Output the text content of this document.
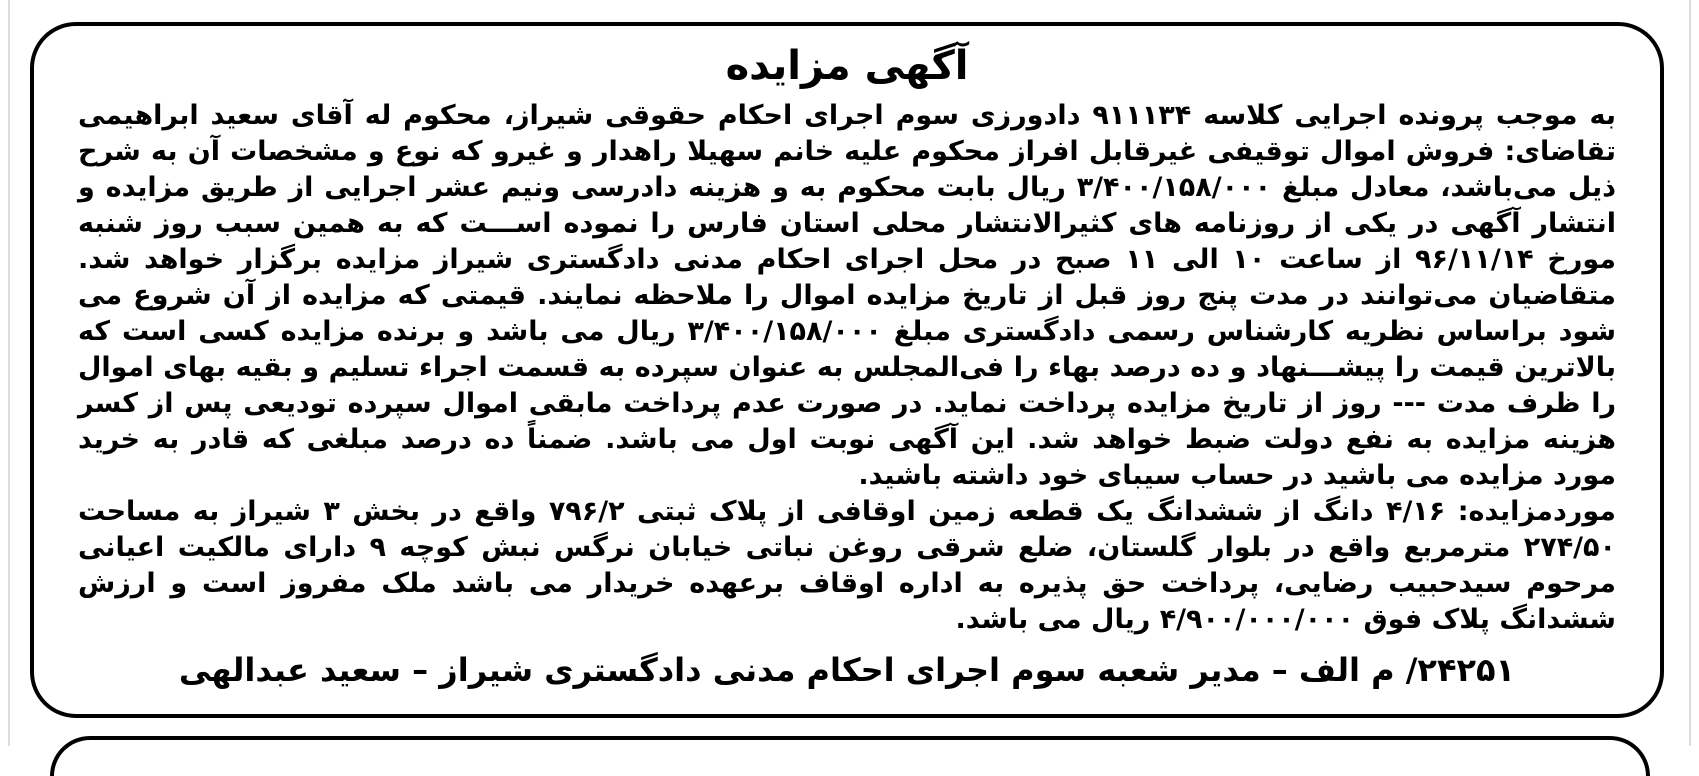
آگهی مزایده

به موجب پرونده اجرایی کلاسه ۹۱۱۱۳۴ دادورزی سوم اجرای احکام حقوقی شیراز، محکوم له آقای سعید ابراهیمی تقاضای: فروش اموال توقیفی غیرقابل افراز محکوم علیه خانم سهیلا راهدار و غیرو که نوع و مشخصات آن به شرح ذیل می‌باشد، معادل مبلغ ۳/۴۰۰/۱۵۸/۰۰۰ ریال بابت محکوم به و هزینه دادرسی ونیم عشر اجرایی از طریق مزایده و انتشار آگهی در یکی از روزنامه های کثیرالانتشار محلی استان فارس را نموده اســـت که به همین سبب روز شنبه مورخ ۹۶/۱۱/۱۴ از ساعت ۱۰ الی ۱۱ صبح در محل اجرای احکام مدنی دادگستری شیراز مزایده برگزار خواهد شد. متقاضیان می‌توانند در مدت پنج روز قبل از تاریخ مزایده اموال را ملاحظه نمایند. قیمتی که مزایده از آن شروع می شود براساس نظریه کارشناس رسمی دادگستری مبلغ ۳/۴۰۰/۱۵۸/۰۰۰ ریال می باشد و برنده مزایده کسی است که بالاترین قیمت را پیشـــنهاد و ده درصد بهاء را فی‌المجلس به عنوان سپرده به قسمت اجراء تسلیم و بقیه بهای اموال را ظرف مدت --- روز از تاریخ مزایده پرداخت نماید. در صورت عدم پرداخت مابقی اموال سپرده تودیعی پس از کسر هزینه مزایده به نفع دولت ضبط خواهد شد. این آگهی نوبت اول می باشد. ضمناً ده درصد مبلغی که قادر به خرید مورد مزایده می باشید در حساب سیبای خود داشته باشید.

موردمزایده: ۴/۱۶ دانگ از ششدانگ یک قطعه زمین اوقافی از پلاک ثبتی ۷۹۶/۲ واقع در بخش ۳ شیراز به مساحت ۲۷۴/۵۰ مترمربع واقع در بلوار گلستان، ضلع شرقی روغن نباتی خیابان نرگس نبش کوچه ۹ دارای مالکیت اعیانی مرحوم سیدحبیب رضایی، پرداخت حق پذیره به اداره اوقاف برعهده خریدار می باشد ملک مفروز است و ارزش ششدانگ پلاک فوق ۴/۹۰۰/۰۰۰/۰۰۰ ریال می باشد.

۲۴۲۵۱/ م الف – مدیر شعبه سوم اجرای احکام مدنی دادگستری شیراز – سعید عبدالهی
